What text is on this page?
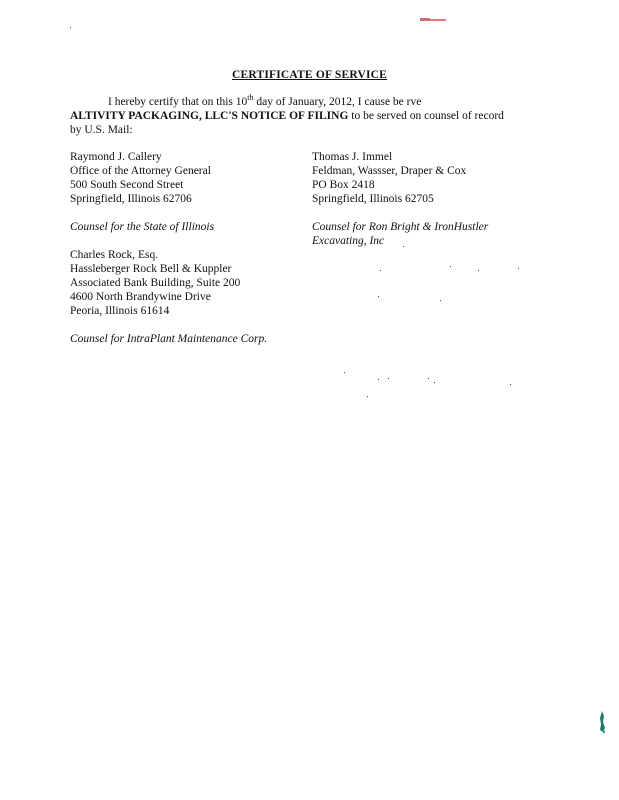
CERTIFICATE OF SERVICE
I hereby certify that on this 10th day of January, 2012, I cause be rve
ALTIVITY PACKAGING, LLC'S NOTICE OF FILING to be served on counsel of record
by U.S. Mail:
Raymond J. Callery
Office of the Attorney General
500 South Second Street
Springfield, Illinois 62706
Counsel for the State of Illinois
Thomas J. Immel
Feldman, Wassser, Draper & Cox
PO Box 2418
Springfield, Illinois 62705
Counsel for Ron Bright & IronHustler
Excavating, Inc
Charles Rock, Esq.
Hassleberger Rock Bell & Kuppler
Associated Bank Building, Suite 200
4600 North Brandywine Drive
Peoria, Illinois 61614
Counsel for IntraPlant Maintenance Corp.
